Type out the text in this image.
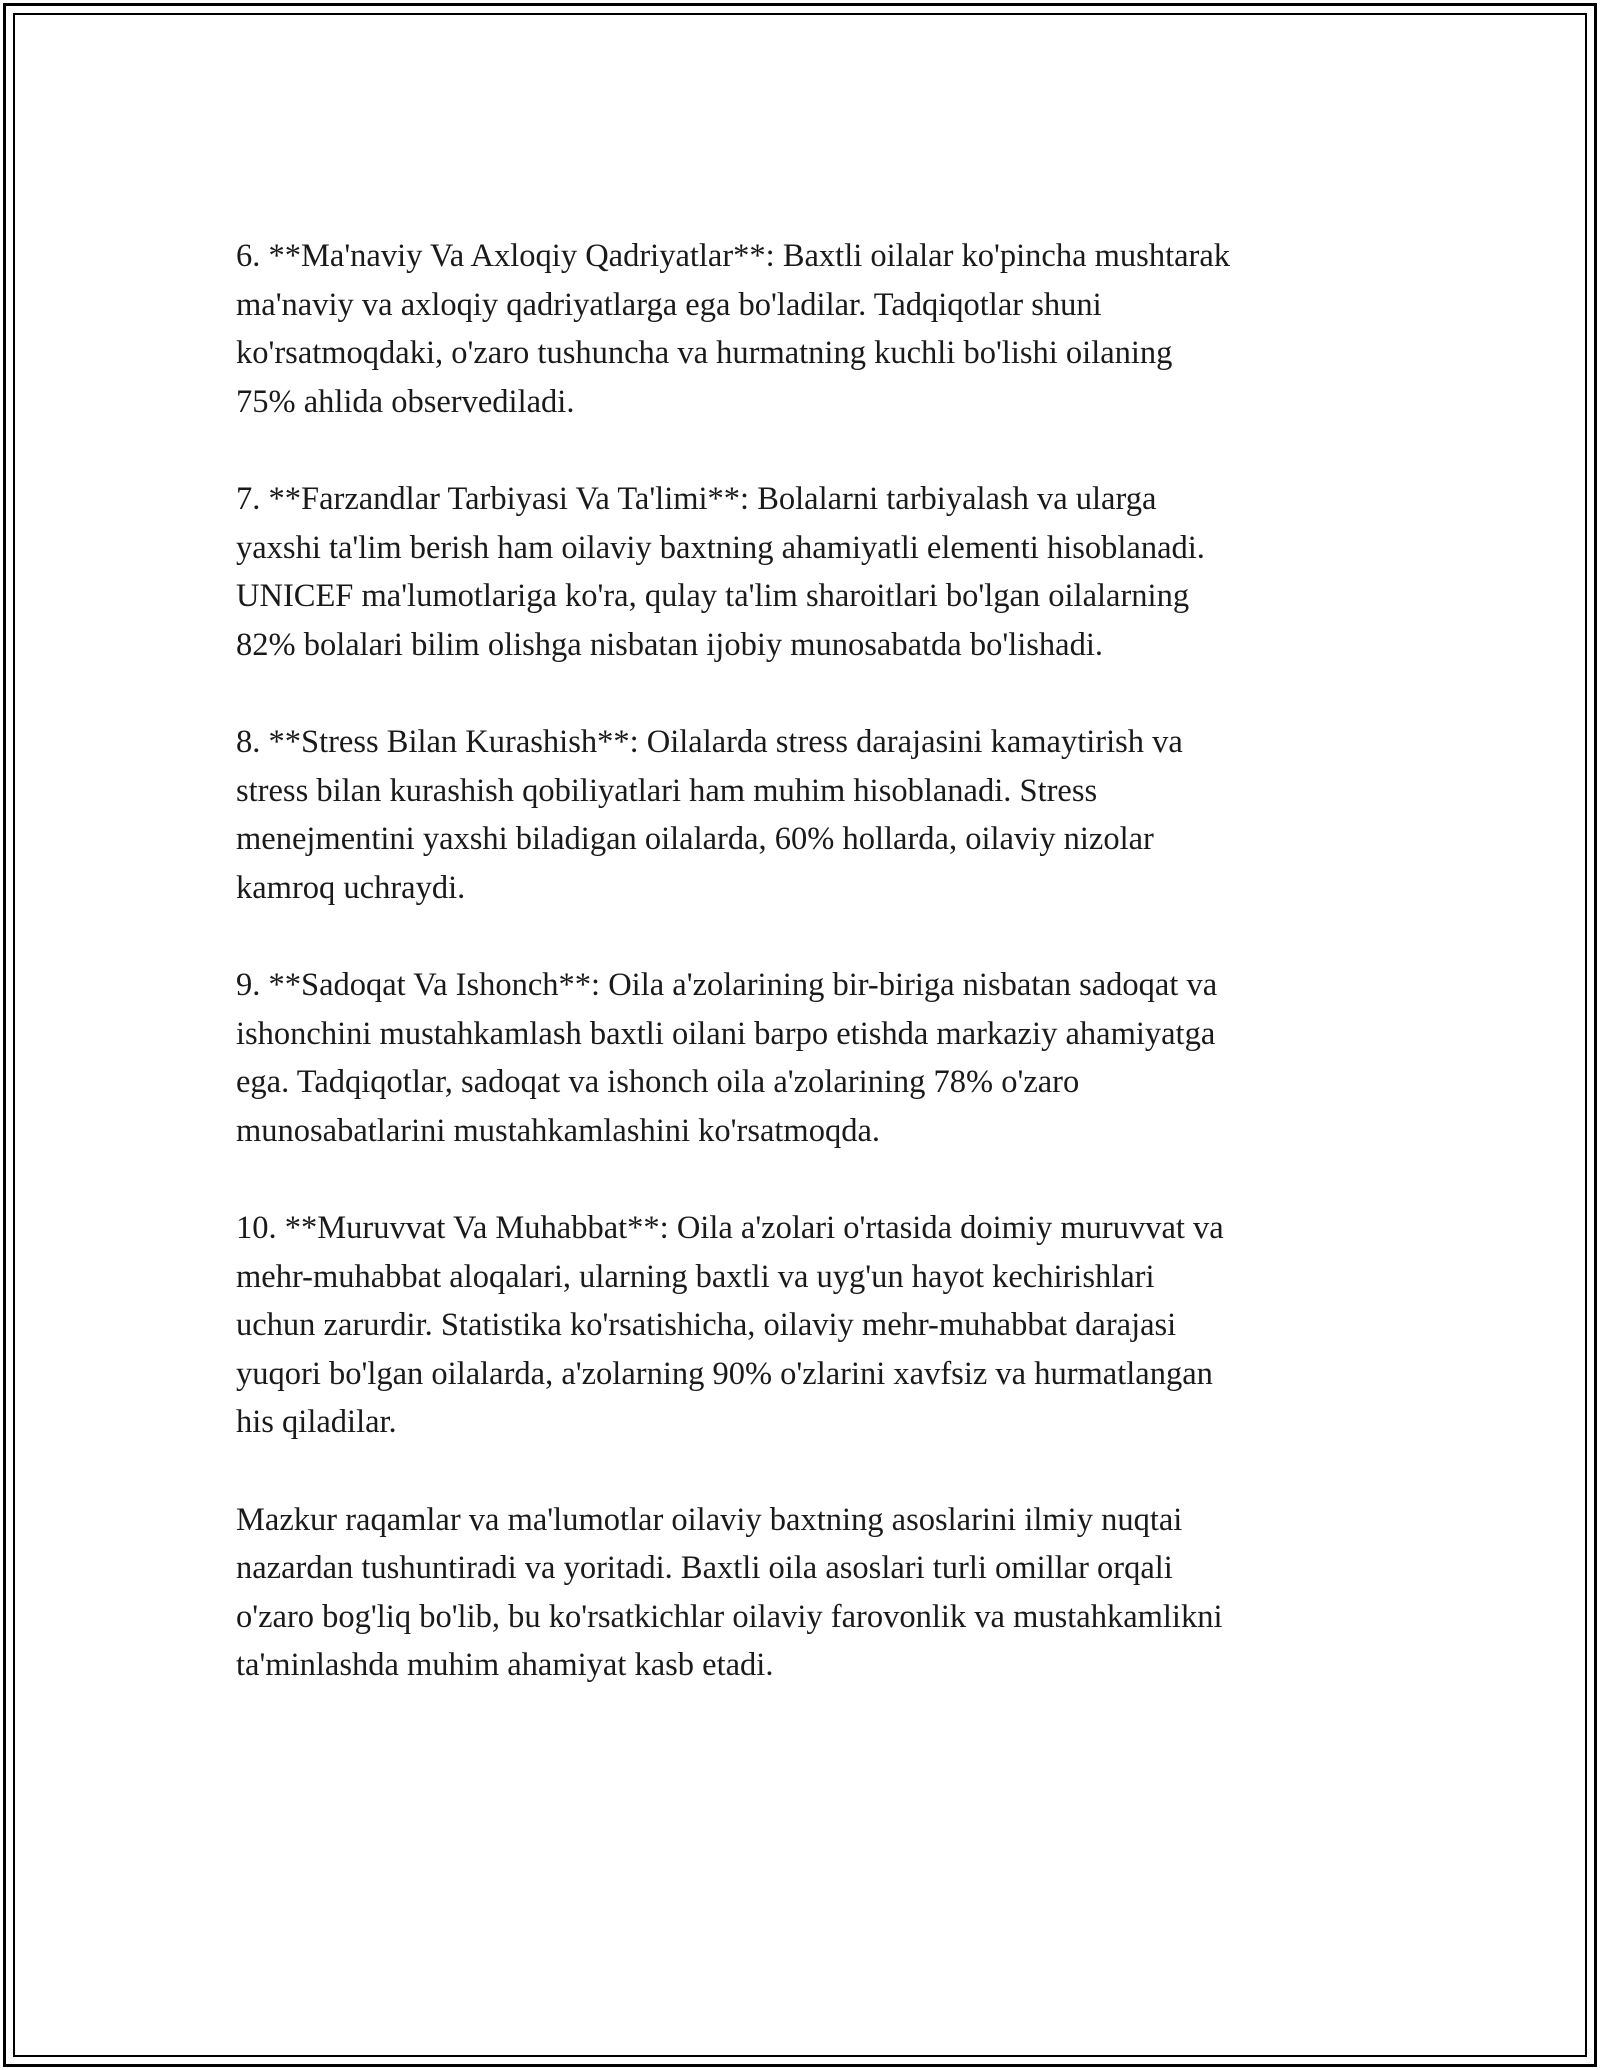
6. **Ma'naviy Va Axloqiy Qadriyatlar**: Baxtli oilalar ko'pincha mushtarak
ma'naviy va axloqiy qadriyatlarga ega bo'ladilar. Tadqiqotlar shuni
ko'rsatmoqdaki, o'zaro tushuncha va hurmatning kuchli bo'lishi oilaning
75% ahlida observediladi.

7. **Farzandlar Tarbiyasi Va Ta'limi**: Bolalarni tarbiyalash va ularga
yaxshi ta'lim berish ham oilaviy baxtning ahamiyatli elementi hisoblanadi.
UNICEF ma'lumotlariga ko'ra, qulay ta'lim sharoitlari bo'lgan oilalarning
82% bolalari bilim olishga nisbatan ijobiy munosabatda bo'lishadi.

8. **Stress Bilan Kurashish**: Oilalarda stress darajasini kamaytirish va
stress bilan kurashish qobiliyatlari ham muhim hisoblanadi. Stress
menejmentini yaxshi biladigan oilalarda, 60% hollarda, oilaviy nizolar
kamroq uchraydi.

9. **Sadoqat Va Ishonch**: Oila a'zolarining bir-biriga nisbatan sadoqat va
ishonchini mustahkamlash baxtli oilani barpo etishda markaziy ahamiyatga
ega. Tadqiqotlar, sadoqat va ishonch oila a'zolarining 78% o'zaro
munosabatlarini mustahkamlashini ko'rsatmoqda.

10. **Muruvvat Va Muhabbat**: Oila a'zolari o'rtasida doimiy muruvvat va
mehr-muhabbat aloqalari, ularning baxtli va uyg'un hayot kechirishlari
uchun zarurdir. Statistika ko'rsatishicha, oilaviy mehr-muhabbat darajasi
yuqori bo'lgan oilalarda, a'zolarning 90% o'zlarini xavfsiz va hurmatlangan
his qiladilar.

Mazkur raqamlar va ma'lumotlar oilaviy baxtning asoslarini ilmiy nuqtai
nazardan tushuntiradi va yoritadi. Baxtli oila asoslari turli omillar orqali
o'zaro bog'liq bo'lib, bu ko'rsatkichlar oilaviy farovonlik va mustahkamlikni
ta'minlashda muhim ahamiyat kasb etadi.
